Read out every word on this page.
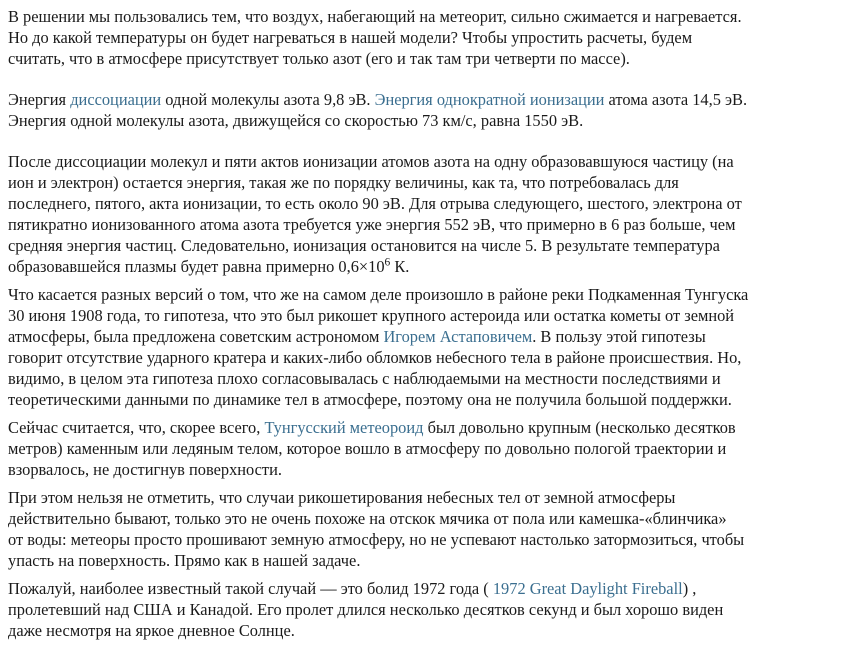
В решении мы пользовались тем, что воздух, набегающий на метеорит, сильно сжимается и нагревается.
Но до какой температуры он будет нагреваться в нашей модели? Чтобы упростить расчеты, будем
считать, что в атмосфере присутствует только азот (его и так там три четверти по массе).

Энергия диссоциации одной молекулы азота 9,8 эВ. Энергия однократной ионизации атома азота 14,5 эВ.
Энергия одной молекулы азота, движущейся со скоростью 73 км/с, равна 1550 эВ.

После диссоциации молекул и пяти актов ионизации атомов азота на одну образовавшуюся частицу (на
ион и электрон) остается энергия, такая же по порядку величины, как та, что потребовалась для
последнего, пятого, акта ионизации, то есть около 90 эВ. Для отрыва следующего, шестого, электрона от
пятикратно ионизованного атома азота требуется уже энергия 552 эВ, что примерно в 6 раз больше, чем
средняя энергия частиц. Следовательно, ионизация остановится на числе 5. В результате температура
образовавшейся плазмы будет равна примерно $0,6\times 10^6$ К.

Что касается разных версий о том, что же на самом деле произошло в районе реки Подкаменная Тунгуска
30 июня 1908 года, то гипотеза, что это был рикошет крупного астероида или остатка кометы от земной
атмосферы, была предложена советским астрономом Игорем Астаповичем. В пользу этой гипотезы
говорит отсутствие ударного кратера и каких-либо обломков небесного тела в районе происшествия. Но,
видимо, в целом эта гипотеза плохо согласовывалась с наблюдаемыми на местности последствиями и
теоретическими данными по динамике тел в атмосфере, поэтому она не получила большой поддержки.

Сейчас считается, что, скорее всего, Тунгусский метеороид был довольно крупным (несколько десятков
метров) каменным или ледяным телом, которое вошло в атмосферу по довольно пологой траектории и
взорвалось, не достигнув поверхности.

При этом нельзя не отметить, что случаи рикошетирования небесных тел от земной атмосферы
действительно бывают, только это не очень похоже на отскок мячика от пола или камешка-«блинчика»
от воды: метеоры просто прошивают земную атмосферу, но не успевают настолько затормозиться, чтобы
упасть на поверхность. Прямо как в нашей задаче.

Пожалуй, наиболее известный такой случай — это болид 1972 года ( 1972 Great Daylight Fireball) ,
пролетевший над США и Канадой. Его пролет длился несколько десятков секунд и был хорошо виден
даже несмотря на яркое дневное Солнце.
